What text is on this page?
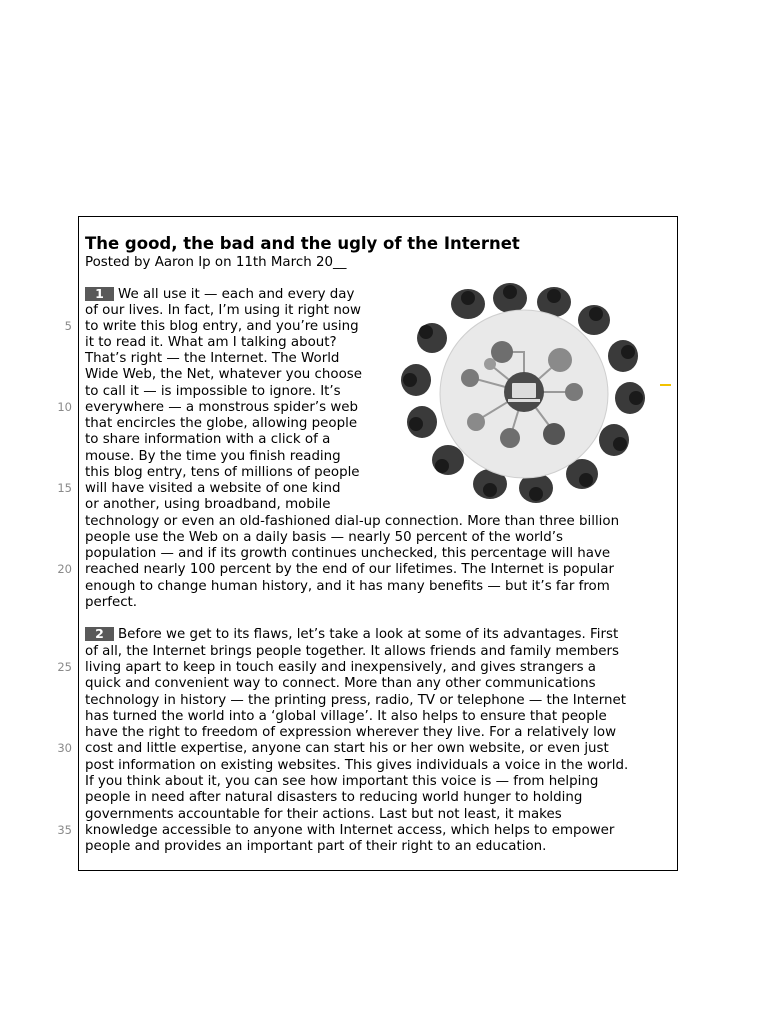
The good, the bad and the ugly of the Internet
Posted by Aaron Ip on 11th March 20__
1 We all use it — each and every day
of our lives. In fact, I’m using it right now
to write this blog entry, and you’re using
it to read it. What am I talking about?
That’s right — the Internet. The World
Wide Web, the Net, whatever you choose
to call it — is impossible to ignore. It’s
everywhere — a monstrous spider’s web
that encircles the globe, allowing people
to share information with a click of a
mouse. By the time you finish reading
this blog entry, tens of millions of people
will have visited a website of one kind
or another, using broadband, mobile
technology or even an old-fashioned dial-up connection. More than three billion
people use the Web on a daily basis — nearly 50 percent of the world’s
population — and if its growth continues unchecked, this percentage will have
reached nearly 100 percent by the end of our lifetimes. The Internet is popular
enough to change human history, and it has many benefits — but it’s far from
perfect.
2 Before we get to its flaws, let’s take a look at some of its advantages. First
of all, the Internet brings people together. It allows friends and family members
living apart to keep in touch easily and inexpensively, and gives strangers a
quick and convenient way to connect. More than any other communications
technology in history — the printing press, radio, TV or telephone — the Internet
has turned the world into a ‘global village’. It also helps to ensure that people
have the right to freedom of expression wherever they live. For a relatively low
cost and little expertise, anyone can start his or her own website, or even just
post information on existing websites. This gives individuals a voice in the world.
If you think about it, you can see how important this voice is — from helping
people in need after natural disasters to reducing world hunger to holding
governments accountable for their actions. Last but not least, it makes
knowledge accessible to anyone with Internet access, which helps to empower
people and provides an important part of their right to an education.
5
10
15
20
25
30
35
